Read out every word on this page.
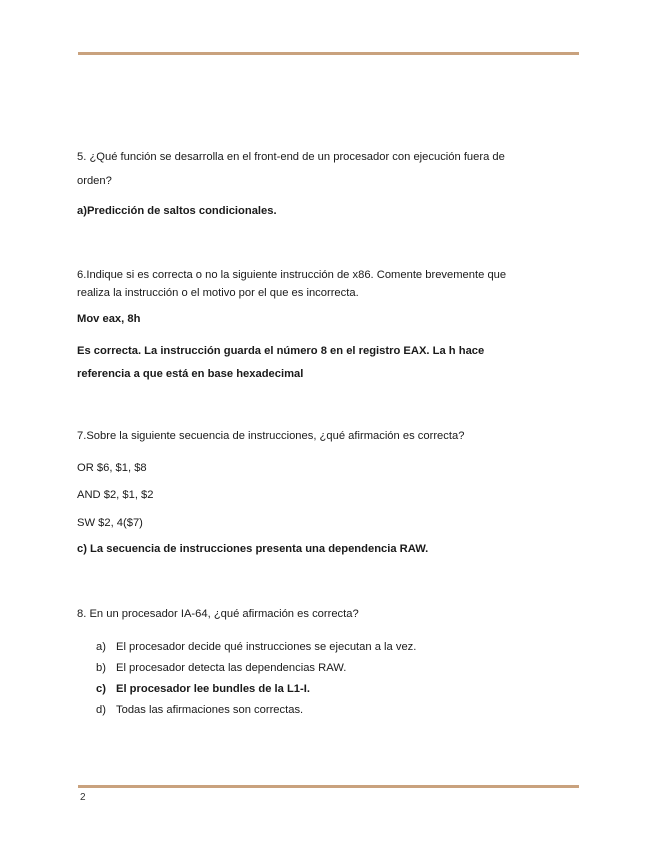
5. ¿Qué función se desarrolla en el front-end de un procesador con ejecución fuera de
orden?
a)Predicción de saltos condicionales.
6.Indique si es correcta o no la siguiente instrucción de x86. Comente brevemente que
realiza la instrucción o el motivo por el que es incorrecta.
Mov eax, 8h
Es correcta. La instrucción guarda el número 8 en el registro EAX. La h hace
referencia a que está en base hexadecimal
7.Sobre la siguiente secuencia de instrucciones, ¿qué afirmación es correcta?
OR $6, $1, $8
AND $2, $1, $2
SW $2, 4($7)
c) La secuencia de instrucciones presenta una dependencia RAW.
8. En un procesador IA-64, ¿qué afirmación es correcta?
a) El procesador decide qué instrucciones se ejecutan a la vez.
b) El procesador detecta las dependencias RAW.
c) El procesador lee bundles de la L1-I.
d) Todas las afirmaciones son correctas.
2
